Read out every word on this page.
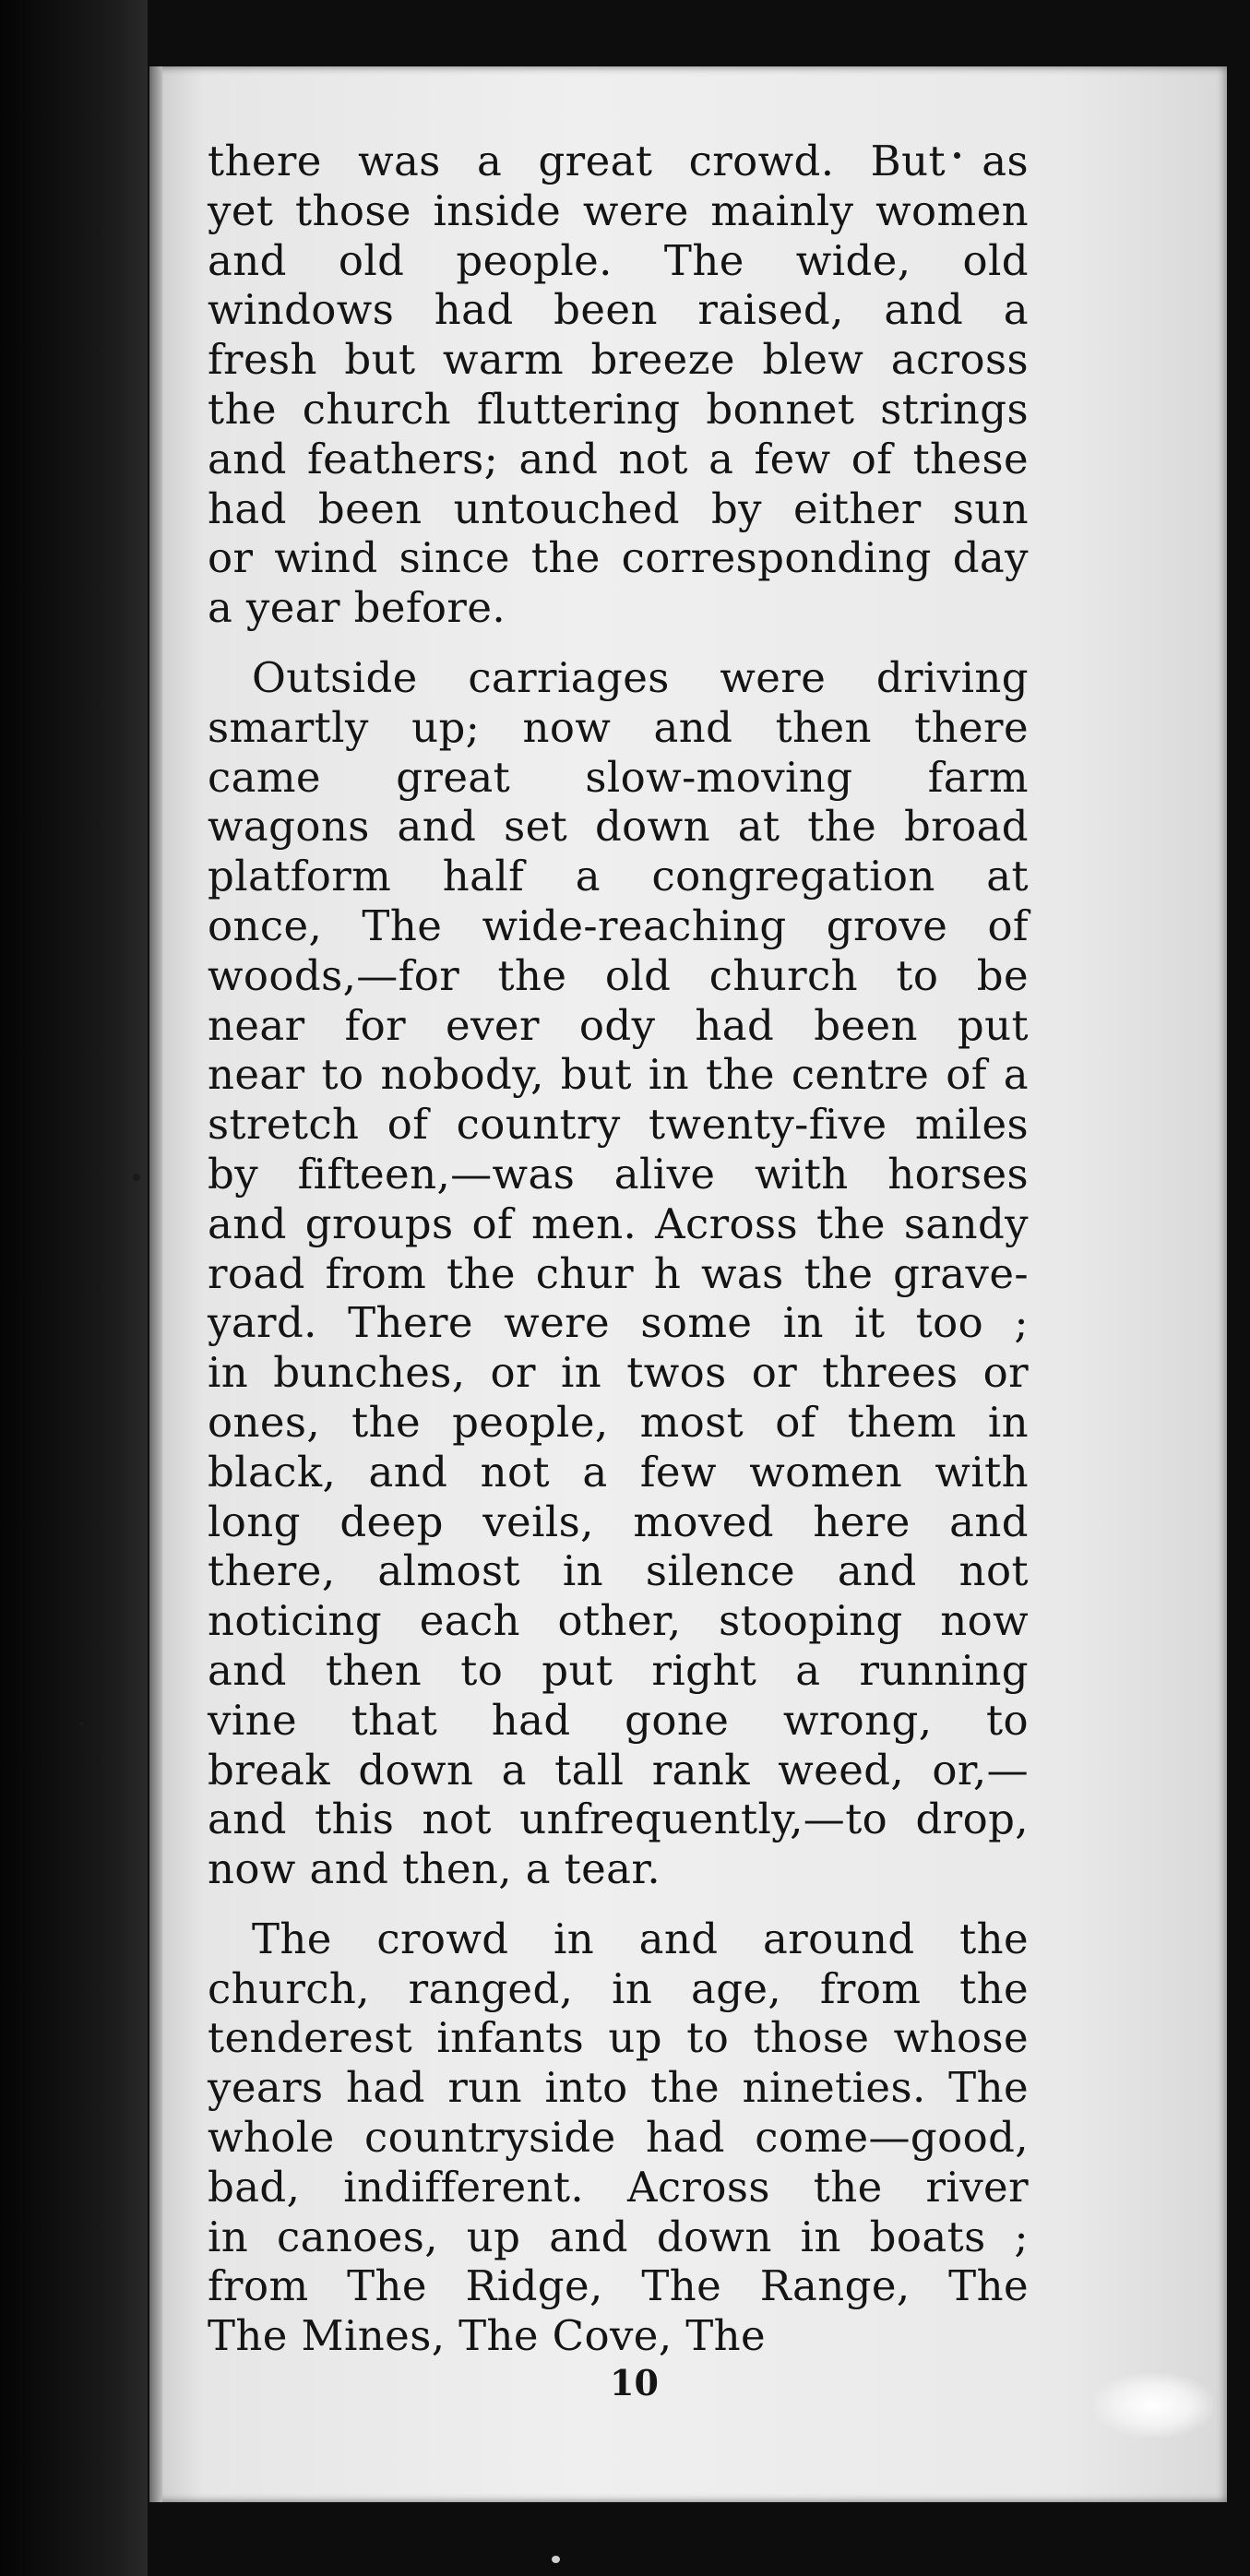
there was a great crowd. But as
yet those inside were mainly women
and old people. The wide, old
windows had been raised, and a
fresh but warm breeze blew across
the church fluttering bonnet strings
and feathers; and not a few of these
had been untouched by either sun
or wind since the corresponding day
a year before.
Outside carriages were driving
smartly up; now and then there
came great slow-moving farm
wagons and set down at the broad
platform half a congregation at
once, The wide-reaching grove of
woods,—for the old church to be
near for ever ody had been put
near to nobody, but in the centre of a
stretch of country twenty-five miles
by fifteen,—was alive with horses
and groups of men. Across the sandy
road from the chur h was the grave-
yard. There were some in it too ;
in bunches, or in twos or threes or
ones, the people, most of them in
black, and not a few women with
long deep veils, moved here and
there, almost in silence and not
noticing each other, stooping now
and then to put right a running
vine that had gone wrong, to
break down a tall rank weed, or,—
and this not unfrequently,—to drop,
now and then, a tear.
The crowd in and around the
church, ranged, in age, from the
tenderest infants up to those whose
years had run into the nineties. The
whole countryside had come—good,
bad, indifferent. Across the river
in canoes, up and down in boats ;
from The Ridge, The Range, The
The Mines, The Cove, The
10
